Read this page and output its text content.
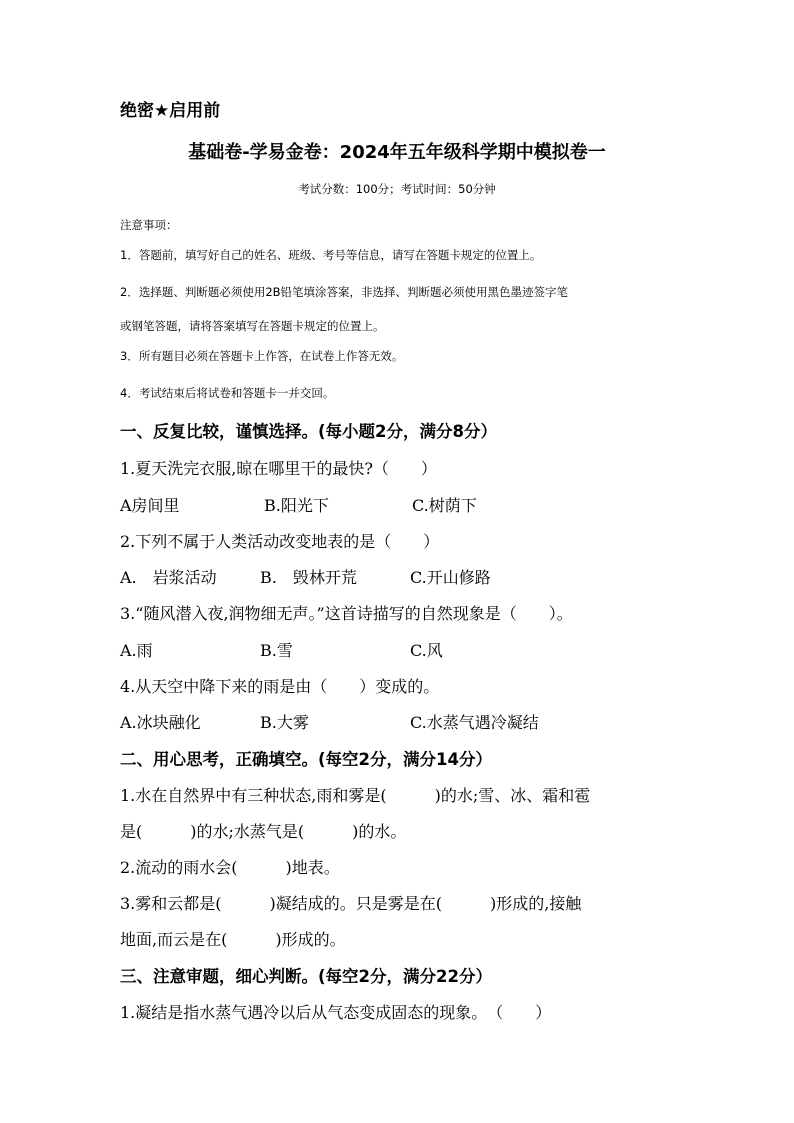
绝密★启用前
基础卷-学易金卷：2024年五年级科学期中模拟卷一
考试分数：100分；考试时间：50分钟
注意事项：
1．答题前，填写好自己的姓名、班级、考号等信息，请写在答题卡规定的位置上。
2．选择题、判断题必须使用2B铅笔填涂答案，非选择、判断题必须使用黑色墨迹签字笔
或钢笔答题，请将答案填写在答题卡规定的位置上。
3．所有题目必须在答题卡上作答，在试卷上作答无效。
4．考试结束后将试卷和答题卡一并交回。
一、反复比较，谨慎选择。(每小题2分，满分8分）
1.夏天洗完衣服,晾在哪里干的最快?（　　）
A房间里	B.阳光下	C.树荫下
2.下列不属于人类活动改变地表的是（　　）
A.　岩浆活动	B.　毁林开荒	C.开山修路
3.“随风潜入夜,润物细无声。”这首诗描写的自然现象是（　　）。
A.雨	B.雪	C.风
4.从天空中降下来的雨是由（　　）变成的。
A.冰块融化	B.大雾	C.水蒸气遇冷凝结
二、用心思考，正确填空。(每空2分，满分14分）
1.水在自然界中有三种状态,雨和雾是(　　　)的水;雪、冰、霜和雹
是(　　　)的水;水蒸气是(　　　)的水。
2.流动的雨水会(　　　)地表。
3.雾和云都是(　　　)凝结成的。只是雾是在(　　　)形成的,接触
地面,而云是在(　　　)形成的。
三、注意审题，细心判断。(每空2分，满分22分）
1.凝结是指水蒸气遇冷以后从气态变成固态的现象。　（　　）
